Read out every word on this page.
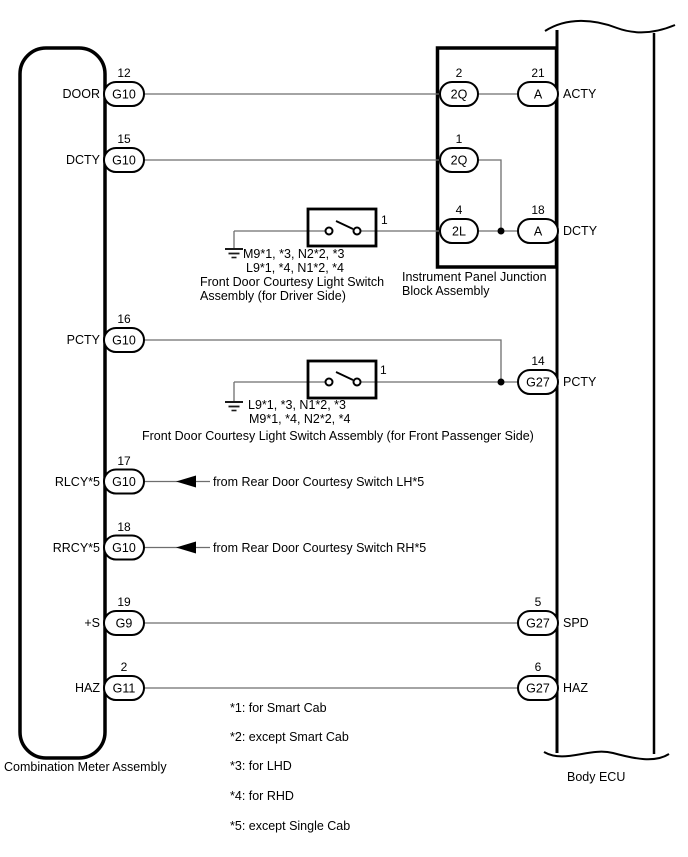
1
M9*1, *3, N2*2, *3
L9*1, *4, N1*2, *4
Front Door Courtesy Light Switch
Assembly (for Driver Side)
1
L9*1, *3, N1*2, *3
M9*1, *4, N2*2, *4
Front Door Courtesy Light Switch Assembly (for Front Passenger Side)
from Rear Door Courtesy Switch LH*5
from Rear Door Courtesy Switch RH*5
12
G10
DOOR
15
G10
DCTY
16
G10
PCTY
17
G10
RLCY*5
18
G10
RRCY*5
19
G9
+S
2
G11
HAZ
2
2Q
1
2Q
4
2L
21
A ACTY
18
A DCTY
14
G27 PCTY
5
G27 SPD
6
G27 HAZ
Combination Meter Assembly
Instrument Panel Junction
Block Assembly
Body ECU
*1: for Smart Cab
*2: except Smart Cab
*3: for LHD
*4: for RHD
*5: except Single Cab
